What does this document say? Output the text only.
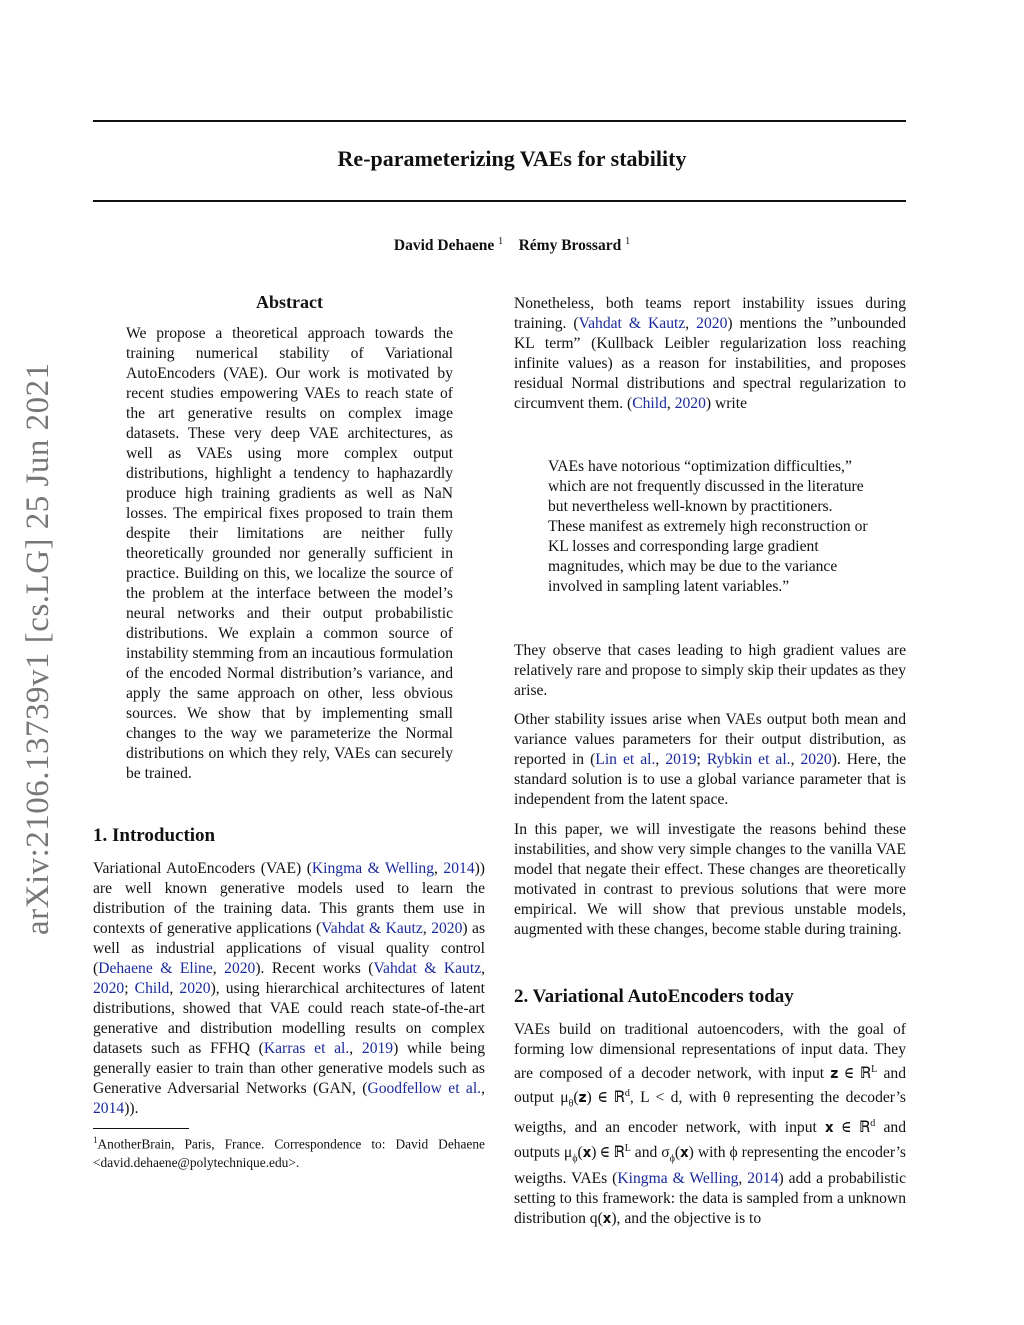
arXiv:2106.13739v1 [cs.LG] 25 Jun 2021
Re-parameterizing VAEs for stability
David Dehaene $^1$ Rémy Brossard $^1$
Abstract
We propose a theoretical approach towards the training numerical stability of Variational AutoEncoders (VAE). Our work is motivated by recent studies empowering VAEs to reach state of the art generative results on complex image datasets. These very deep VAE architectures, as well as VAEs using more complex output distributions, highlight a tendency to haphazardly produce high training gradients as well as NaN losses. The empirical fixes proposed to train them despite their limitations are neither fully theoretically grounded nor generally sufficient in practice. Building on this, we localize the source of the problem at the interface between the model’s neural networks and their output probabilistic distributions. We explain a common source of instability stemming from an incautious formulation of the encoded Normal distribution’s variance, and apply the same approach on other, less obvious sources. We show that by implementing small changes to the way we parameterize the Normal distributions on which they rely, VAEs can securely be trained.
1. Introduction
Variational AutoEncoders (VAE) (Kingma & Welling, 2014)) are well known generative models used to learn the distribution of the training data. This grants them use in contexts of generative applications (Vahdat & Kautz, 2020) as well as industrial applications of visual quality control (Dehaene & Eline, 2020). Recent works (Vahdat & Kautz, 2020; Child, 2020), using hierarchical architectures of latent distributions, showed that VAE could reach state-of-the-art generative and distribution modelling results on complex datasets such as FFHQ (Karras et al., 2019) while being generally easier to train than other generative models such as Generative Adversarial Networks (GAN, (Goodfellow et al., 2014)).
$^1$AnotherBrain, Paris, France. Correspondence to: David Dehaene <david.dehaene@polytechnique.edu>.
Nonetheless, both teams report instability issues during training. (Vahdat & Kautz, 2020) mentions the ”unbounded KL term” (Kullback Leibler regularization loss reaching infinite values) as a reason for instabilities, and proposes residual Normal distributions and spectral regularization to circumvent them. (Child, 2020) write
VAEs have notorious “optimization difficulties,” which are not frequently discussed in the literature but nevertheless well-known by practitioners. These manifest as extremely high reconstruction or KL losses and corresponding large gradient magnitudes, which may be due to the variance involved in sampling latent variables.”
They observe that cases leading to high gradient values are relatively rare and propose to simply skip their updates as they arise.
Other stability issues arise when VAEs output both mean and variance values parameters for their output distribution, as reported in (Lin et al., 2019; Rybkin et al., 2020). Here, the standard solution is to use a global variance parameter that is independent from the latent space.
In this paper, we will investigate the reasons behind these instabilities, and show very simple changes to the vanilla VAE model that negate their effect. These changes are theoretically motivated in contrast to previous solutions that were more empirical. We will show that previous unstable models, augmented with these changes, become stable during training.
2. Variational AutoEncoders today
VAEs build on traditional autoencoders, with the goal of forming low dimensional representations of input data. They are composed of a decoder network, with input 𝐳 ∈ ℝ$^L$ and output $\mu_\theta(𝐳)$ ∈ ℝ$^d$, L < d, with θ representing the decoder’s weigths, and an encoder network, with input 𝐱 ∈ ℝ$^d$ and outputs $\mu_\phi(𝐱)$ ∈ ℝ$^L$ and $\sigma_\phi(𝐱)$ with ϕ representing the encoder’s weigths. VAEs (Kingma & Welling, 2014) add a probabilistic setting to this framework: the data is sampled from a unknown distribution q(𝐱), and the objective is to
